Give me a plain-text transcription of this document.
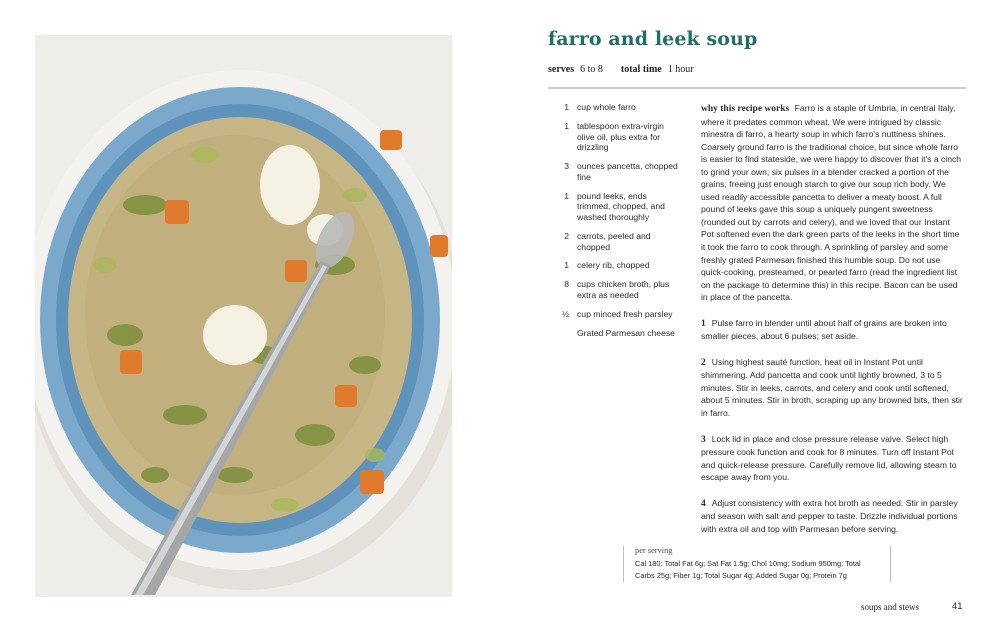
farro and leek soup
serves 6 to 8 total time 1 hour
1 cup whole farro
1 tablespoon extra-virgin olive oil, plus extra for drizzling
3 ounces pancetta, chopped fine
1 pound leeks, ends trimmed, chopped, and washed thoroughly
2 carrots, peeled and chopped
1 celery rib, chopped
8 cups chicken broth, plus extra as needed
½ cup minced fresh parsley
Grated Parmesan cheese
why this recipe works Farro is a staple of Umbria, in central Italy, where it predates common wheat. We were intrigued by classic minestra di farro, a hearty soup in which farro's nuttiness shines. Coarsely ground farro is the traditional choice, but since whole farro is easier to find stateside, we were happy to discover that it's a cinch to grind your own; six pulses in a blender cracked a portion of the grains, freeing just enough starch to give our soup rich body. We used readily accessible pancetta to deliver a meaty boost. A full pound of leeks gave this soup a uniquely pungent sweetness (rounded out by carrots and celery), and we loved that our Instant Pot softened even the dark green parts of the leeks in the short time it took the farro to cook through. A sprinkling of parsley and some freshly grated Parmesan finished this humble soup. Do not use quick-cooking, presteamed, or pearled farro (read the ingredient list on the package to determine this) in this recipe. Bacon can be used in place of the pancetta.
1 Pulse farro in blender until about half of grains are broken into smaller pieces, about 6 pulses; set aside.
2 Using highest sauté function, heat oil in Instant Pot until shimmering. Add pancetta and cook until lightly browned, 3 to 5 minutes. Stir in leeks, carrots, and celery and cook until softened, about 5 minutes. Stir in broth, scraping up any browned bits, then stir in farro.
3 Lock lid in place and close pressure release valve. Select high pressure cook function and cook for 8 minutes. Turn off Instant Pot and quick-release pressure. Carefully remove lid, allowing steam to escape away from you.
4 Adjust consistency with extra hot broth as needed. Stir in parsley and season with salt and pepper to taste. Drizzle individual portions with extra oil and top with Parmesan before serving.
per serving
Cal 180; Total Fat 6g; Sat Fat 1.5g; Chol 10mg; Sodium 950mg; Total Carbs 25g; Fiber 1g; Total Sugar 4g; Added Sugar 0g; Protein 7g
soups and stews	41
